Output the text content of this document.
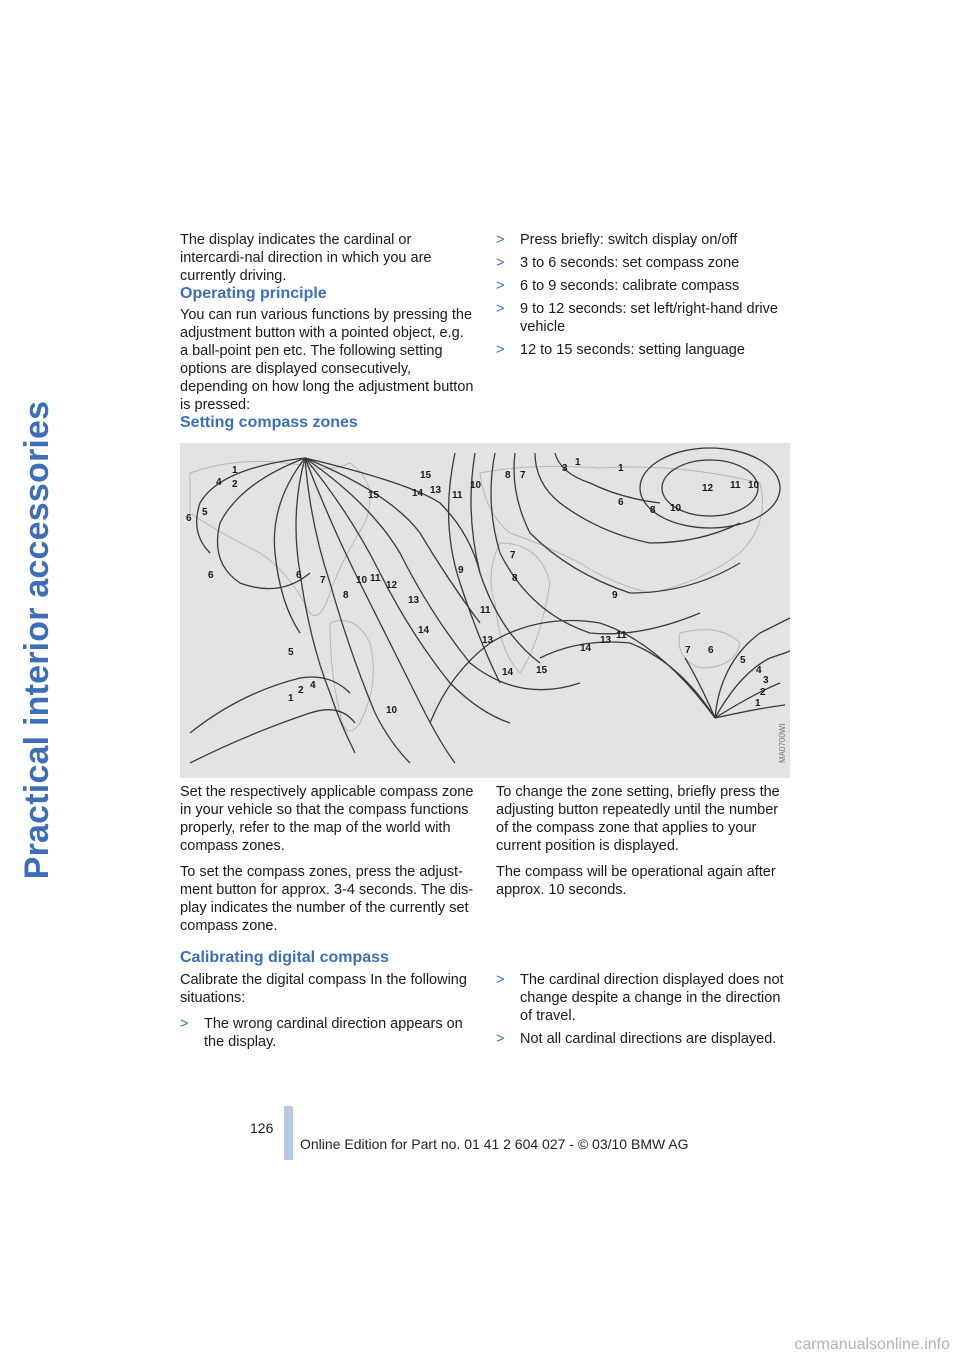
Practical interior accessories

The display indicates the cardinal or intercardi-nal direction in which you are currently driving.

Operating principle

You can run various functions by pressing the adjustment button with a pointed object, e.g. a ball-point pen etc. The following setting options are displayed consecutively, depending on how long the adjustment button is pressed:

> Press briefly: switch display on/off
> 3 to 6 seconds: set compass zone
> 6 to 9 seconds: calibrate compass
> 9 to 12 seconds: set left/right-hand drive vehicle
> 12 to 15 seconds: setting language
Setting compass zones
1
2
4
5
6
6	6 7
8
10 11
12
13
14
15
15	14 13 11
5
4
2
1
10
10
8 7
3
1
1
6
8 10
12 11 10
7
8
9
11
13
14 15
14
13 11
9
7 6
5
4
3
2
1
MA0700WI

Set the respectively applicable compass zone in your vehicle so that the compass functions properly, refer to the map of the world with compass zones.

To set the compass zones, press the adjust-ment button for approx. 3-4 seconds. The dis-play indicates the number of the currently set compass zone.

To change the zone setting, briefly press the adjusting button repeatedly until the number of the compass zone that applies to your current position is displayed.

The compass will be operational again after approx. 10 seconds.

Calibrating digital compass

Calibrate the digital compass In the following situations:

> The wrong cardinal direction appears on the display.
> The cardinal direction displayed does not change despite a change in the direction of travel.
> Not all cardinal directions are displayed.
126
Online Edition for Part no. 01 41 2 604 027 - © 03/10 BMW AG
carmanualsonline.info
